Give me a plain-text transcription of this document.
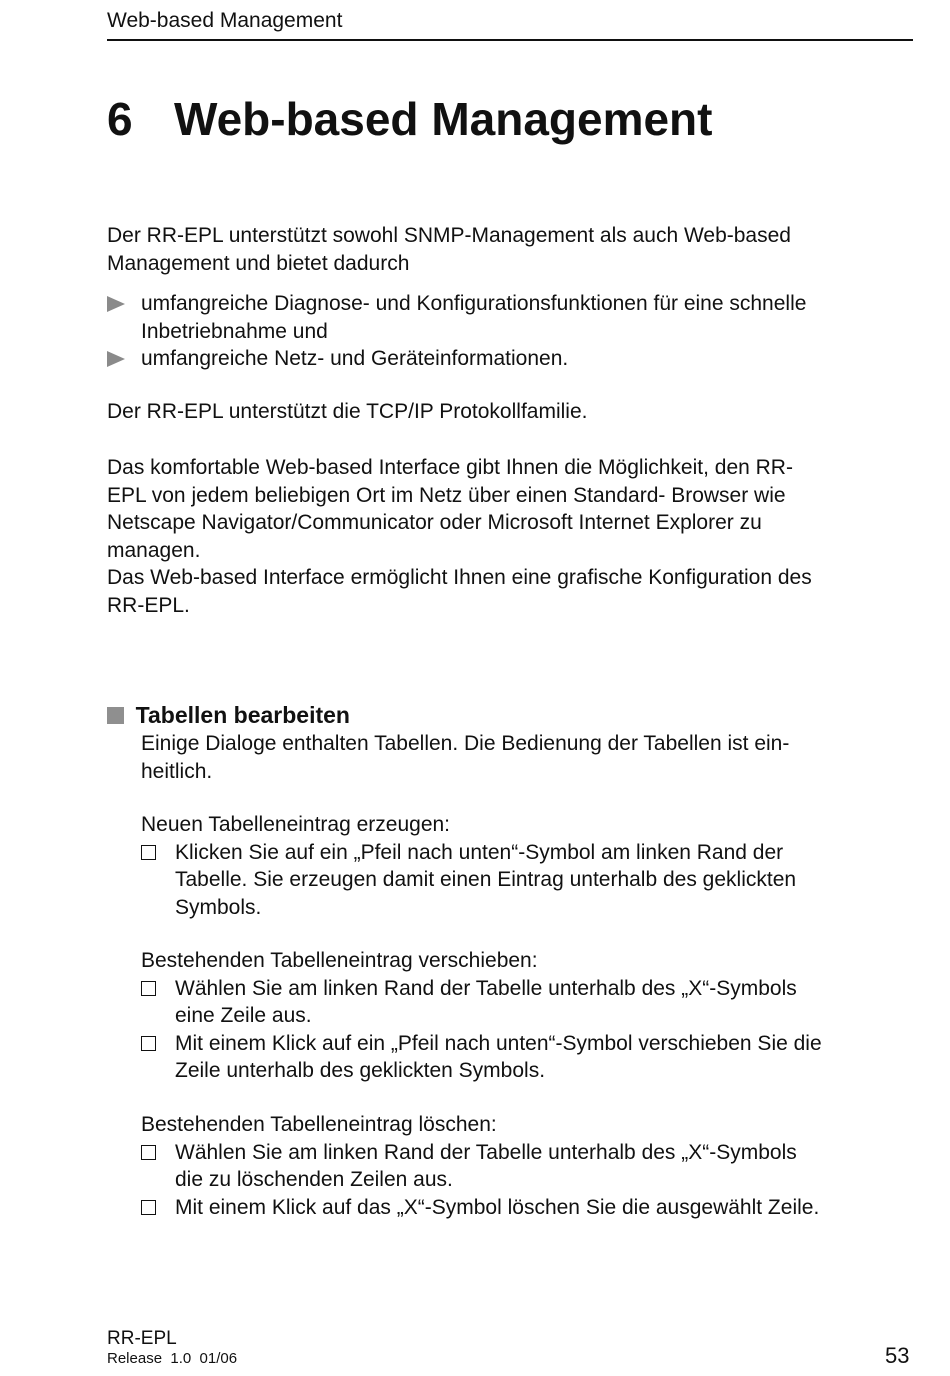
Web-based Management
6 Web-based Management

Der RR-EPL unterstützt sowohl SNMP-Management als auch Web-based

Management und bietet dadurch

umfangreiche Diagnose- und Konfigurationsfunktionen für eine schnelle

Inbetriebnahme und

umfangreiche Netz- und Geräteinformationen.

Der RR-EPL unterstützt die TCP/IP Protokollfamilie.

Das komfortable Web-based Interface gibt Ihnen die Möglichkeit, den RR-

EPL von jedem beliebigen Ort im Netz über einen Standard- Browser wie

Netscape Navigator/Communicator oder Microsoft Internet Explorer zu

managen.

Das Web-based Interface ermöglicht Ihnen eine grafische Konfiguration des

RR-EPL.

Tabellen bearbeiten

Einige Dialoge enthalten Tabellen. Die Bedienung der Tabellen ist ein-

heitlich.

Neuen Tabelleneintrag erzeugen:

Klicken Sie auf ein „Pfeil nach unten“-Symbol am linken Rand der

Tabelle. Sie erzeugen damit einen Eintrag unterhalb des geklickten

Symbols.

Bestehenden Tabelleneintrag verschieben:

Wählen Sie am linken Rand der Tabelle unterhalb des „X“-Symbols

eine Zeile aus.

Mit einem Klick auf ein „Pfeil nach unten“-Symbol verschieben Sie die

Zeile unterhalb des geklickten Symbols.

Bestehenden Tabelleneintrag löschen:

Wählen Sie am linken Rand der Tabelle unterhalb des „X“-Symbols

die zu löschenden Zeilen aus.

Mit einem Klick auf das „X“-Symbol löschen Sie die ausgewählt Zeile.

RR-EPL
Release  1.0  01/06	53
